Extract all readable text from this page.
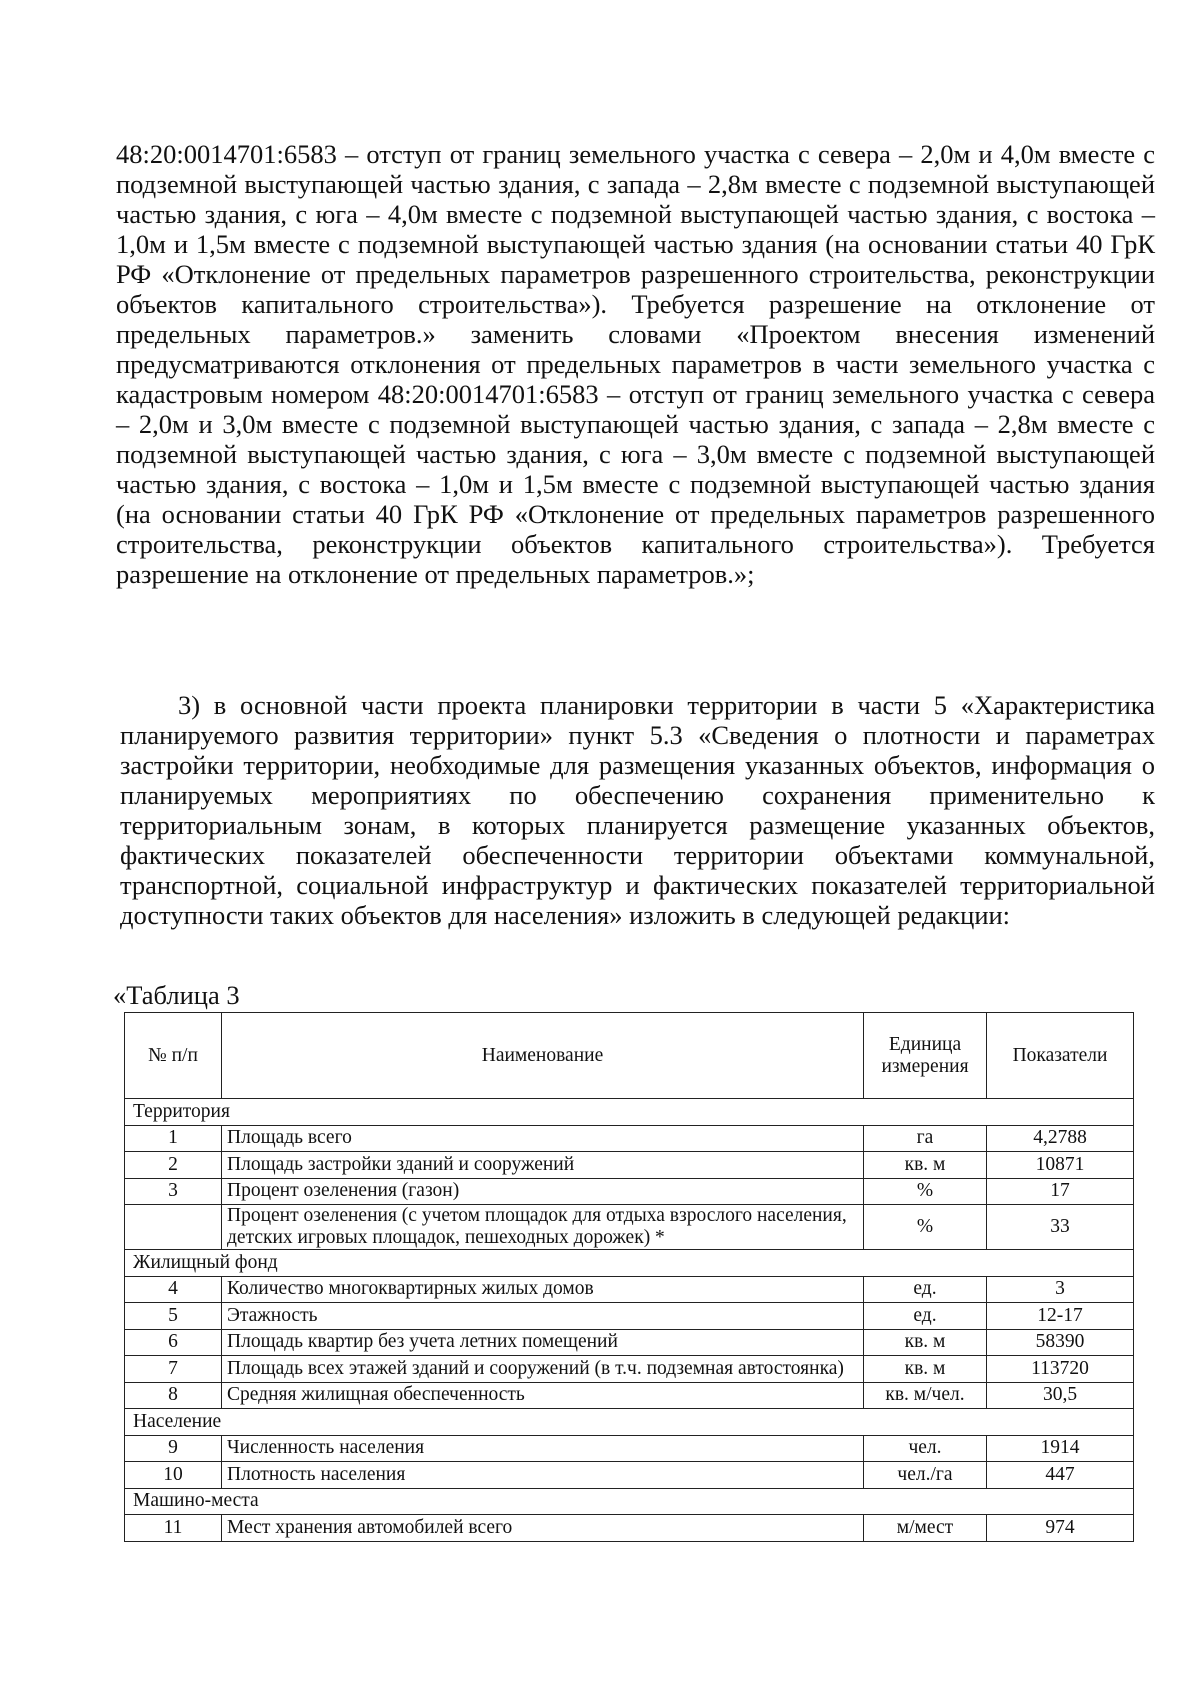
48:20:0014701:6583 – отступ от границ земельного участка с севера – 2,0м и 4,0м вместе с подземной выступающей частью здания, с запада – 2,8м вместе с подземной выступающей частью здания, с юга – 4,0м вместе с подземной выступающей частью здания, с востока – 1,0м и 1,5м вместе с подземной выступающей частью здания (на основании статьи 40 ГрК РФ «Отклонение от предельных параметров разрешенного строительства, реконструкции объектов капитального строительства»). Требуется разрешение на отклонение от предельных параметров.» заменить словами «Проектом внесения изменений предусматриваются отклонения от предельных параметров в части земельного участка с кадастровым номером 48:20:0014701:6583 – отступ от границ земельного участка с севера – 2,0м и 3,0м вместе с подземной выступающей частью здания, с запада – 2,8м вместе с подземной выступающей частью здания, с юга – 3,0м вместе с подземной выступающей частью здания, с востока – 1,0м и 1,5м вместе с подземной выступающей частью здания (на основании статьи 40 ГрК РФ «Отклонение от предельных параметров разрешенного строительства, реконструкции объектов капитального строительства»). Требуется разрешение на отклонение от предельных параметров.»;

3) в основной части проекта планировки территории в части 5 «Характеристика планируемого развития территории» пункт 5.3 «Сведения о плотности и параметрах застройки территории, необходимые для размещения указанных объектов, информация о планируемых мероприятиях по обеспечению сохранения применительно к территориальным зонам, в которых планируется размещение указанных объектов, фактических показателей обеспеченности территории объектами коммунальной, транспортной, социальной инфраструктур и фактических показателей территориальной доступности таких объектов для населения» изложить в следующей редакции:

«Таблица 3

№ п/п	Наименование	Единица измерения	Показатели
Территория			
1	Площадь всего	га	4,2788
2	Площадь застройки зданий и сооружений	кв. м	10871
3	Процент озеленения (газон)	%	17
	Процент озеленения (с учетом площадок для отдыха взрослого населения, детских игровых площадок, пешеходных дорожек) *	%	33
Жилищный фонд			
4	Количество многоквартирных жилых домов	ед.	3
5	Этажность	ед.	12-17
6	Площадь квартир без учета летних помещений	кв. м	58390
7	Площадь всех этажей зданий и сооружений (в т.ч. подземная автостоянка)	кв. м	113720
8	Средняя жилищная обеспеченность	кв. м/чел.	30,5
Население			
9	Численность населения	чел.	1914
10	Плотность населения	чел./га	447
Машино-места			
11	Мест хранения автомобилей всего	м/мест	974
